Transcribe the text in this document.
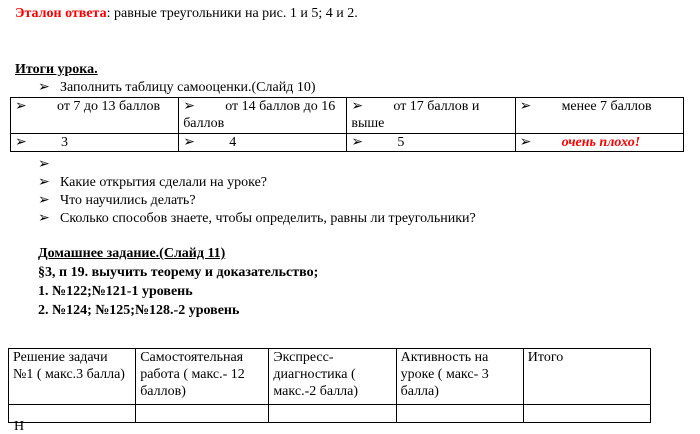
Эталон ответа: равные треугольники на рис. 1 и 5; 4 и 2.
Итоги урока.
➢ Заполнить таблицу самооценки.(Слайд 10)
➢ от 7 до 13 баллов	➢ от 14 баллов до 16 баллов	➢ от 17 баллов и выше	➢ менее 7 баллов
➢ 3	➢ 4	➢ 5	➢ очень плохо!
➢
➢ Какие открытия сделали на уроке?
➢ Что научились делать?
➢ Сколько способов знаете, чтобы определить, равны ли треугольники?
Домашнее задание.(Слайд 11)
§3, п 19. выучить теорему и доказательство;
1. №122;№121-1 уровень
2. №124; №125;№128.-2 уровень
Решение задачи №1 ( макс.3 балла)	Самостоятельная работа ( макс.- 12 баллов)	Экспресс-диагностика ( макс.-2 балла)	Активность на уроке ( макс- 3 балла)	Итого

Н
